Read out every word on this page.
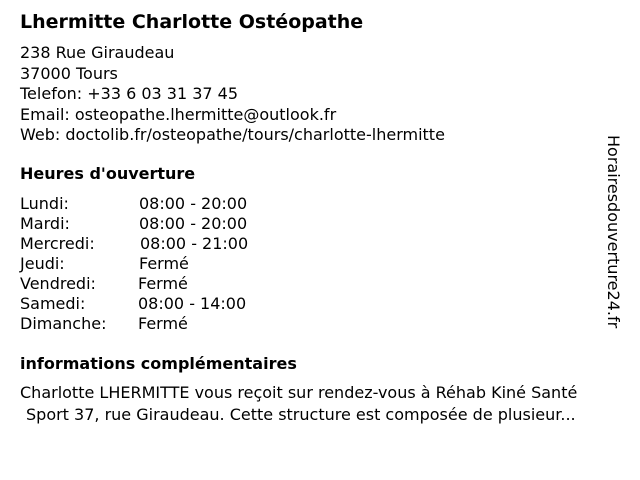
Lhermitte Charlotte Ostéopathe
238 Rue Giraudeau
37000 Tours
Telefon: +33 6 03 31 37 45
Email: osteopathe.lhermitte@outlook.fr
Web: doctolib.fr/osteopathe/tours/charlotte-lhermitte
Heures d'ouverture
Lundi:	08:00 - 20:00
Mardi:	08:00 - 20:00
Mercredi:	08:00 - 21:00
Jeudi:	Fermé
Vendredi:	Fermé
Samedi:	08:00 - 14:00
Dimanche: Fermé
informations complémentaires
Charlotte LHERMITTE vous reçoit sur rendez-vous à Réhab Kiné Santé
Sport 37, rue Giraudeau. Cette structure est composée de plusieur...
Horairesdouverture24.fr
